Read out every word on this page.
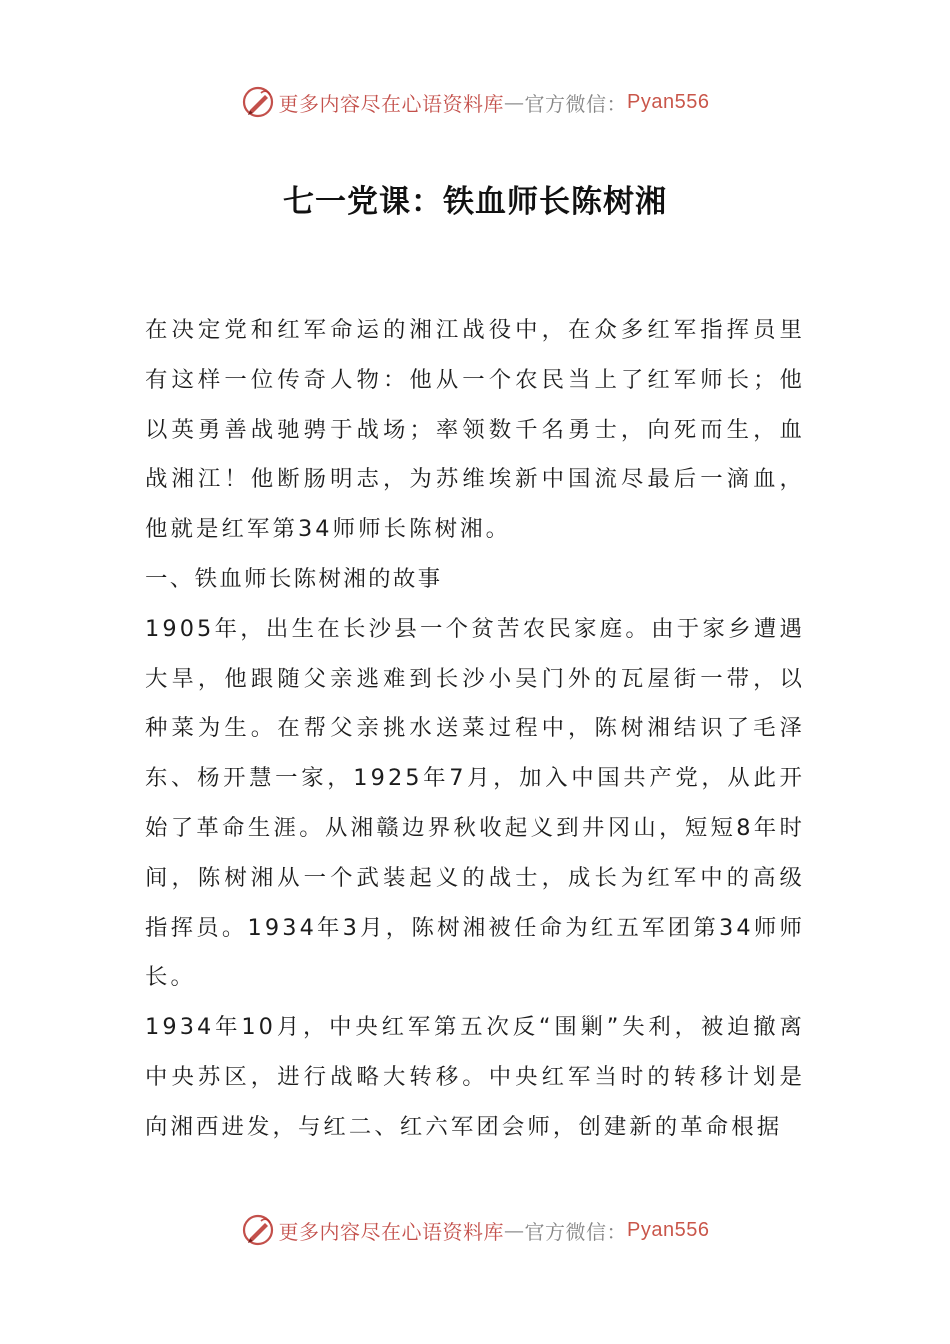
更多内容尽在心语资料库 — 官方微信： Pyan556
七一党课：铁血师长陈树湘

在决定党和红军命运的湘江战役中，在众多红军指挥员里有这样一位传奇人物：他从一个农民当上了红军师长；他以英勇善战驰骋于战场；率领数千名勇士，向死而生，血战湘江！他断肠明志，为苏维埃新中国流尽最后一滴血，他就是红军第34师师长陈树湘。

一、铁血师长陈树湘的故事

1905年，出生在长沙县一个贫苦农民家庭。由于家乡遭遇大旱，他跟随父亲逃难到长沙小吴门外的瓦屋街一带，以种菜为生。在帮父亲挑水送菜过程中，陈树湘结识了毛泽东、杨开慧一家，1925年7月，加入中国共产党，从此开始了革命生涯。从湘赣边界秋收起义到井冈山，短短8年时间，陈树湘从一个武装起义的战士，成长为红军中的高级指挥员。1934年3月，陈树湘被任命为红五军团第34师师长。

1934年10月，中央红军第五次反“围剿”失利，被迫撤离中央苏区，进行战略大转移。中央红军当时的转移计划是向湘西进发，与红二、红六军团会师，创建新的革命根据

更多内容尽在心语资料库 — 官方微信： Pyan556
